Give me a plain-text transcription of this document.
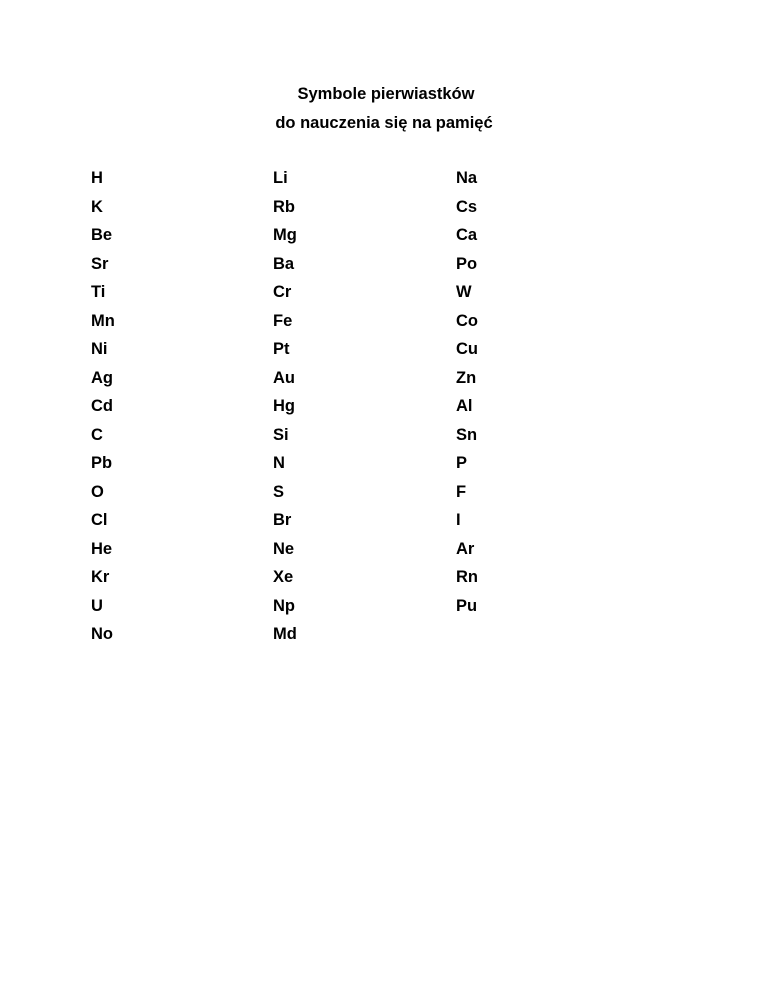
Symbole pierwiastków
do nauczenia się na pamięć
H	Li	Na
K	Rb	Cs
Be	Mg	Ca
Sr	Ba	Po
Ti	Cr	W
Mn	Fe	Co
Ni	Pt	Cu
Ag	Au	Zn
Cd	Hg	Al
C	Si	Sn
Pb	N	P
O	S	F
Cl	Br	I
He	Ne	Ar
Kr	Xe	Rn
U	Np	Pu
No	Md
